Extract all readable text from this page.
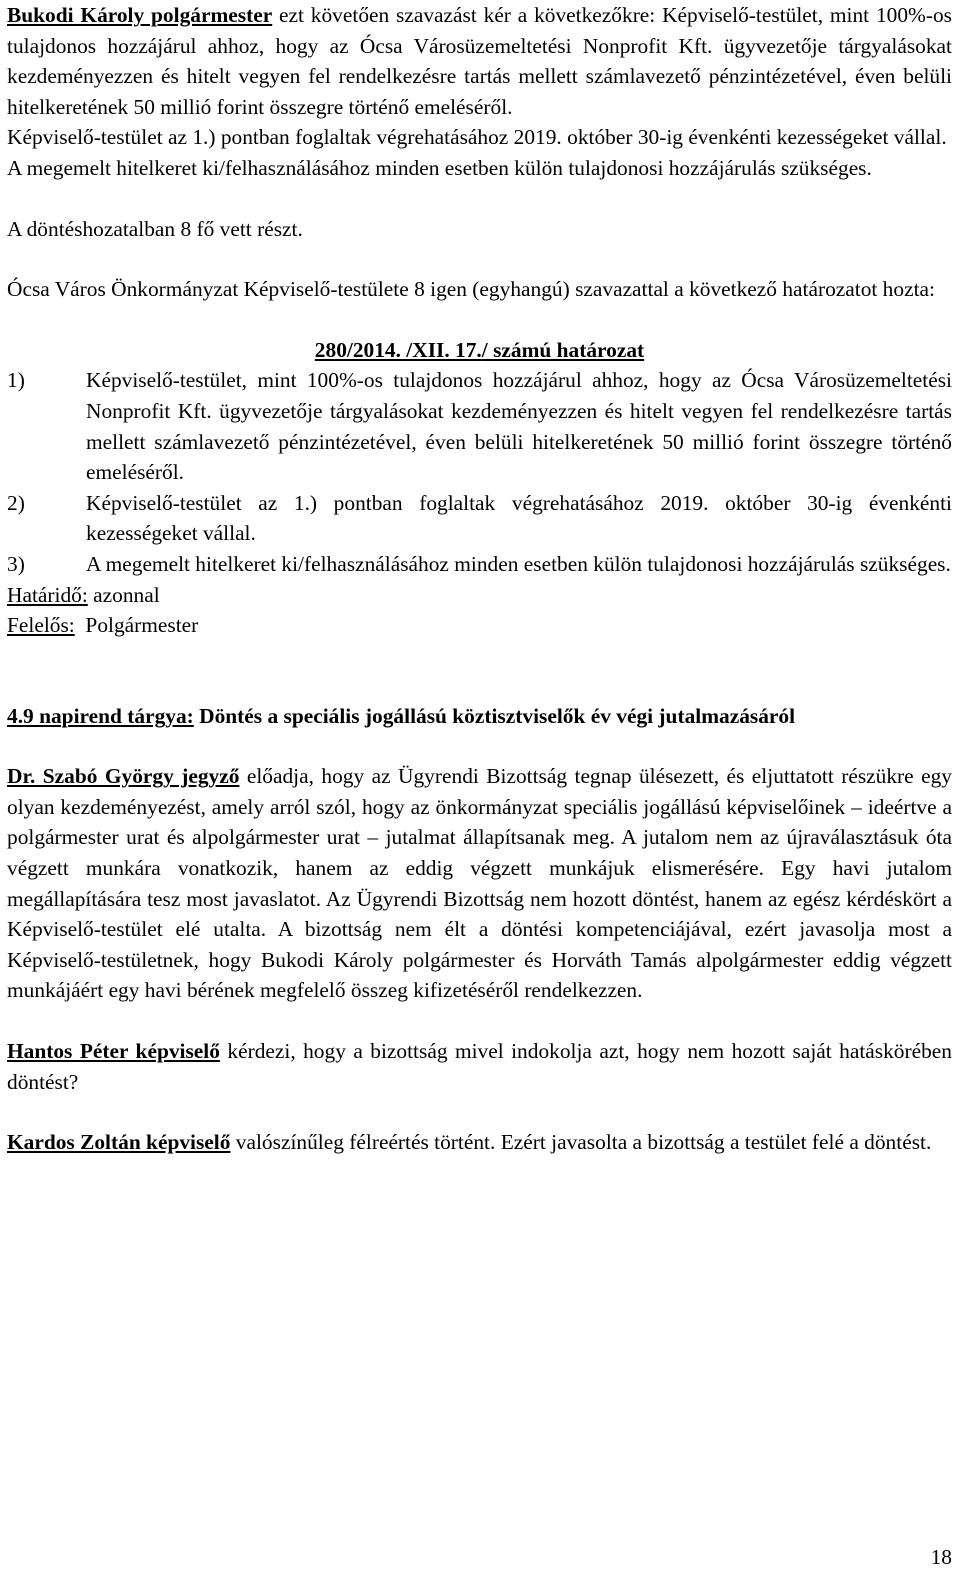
Bukodi Károly polgármester ezt követően szavazást kér a következőkre: Képviselő-testület, mint 100%-os tulajdonos hozzájárul ahhoz, hogy az Ócsa Városüzemeltetési Nonprofit Kft. ügyvezetője tárgyalásokat kezdeményezzen és hitelt vegyen fel rendelkezésre tartás mellett számlavezető pénzintézetével, éven belüli hitelkeretének 50 millió forint összegre történő emeléséről.

Képviselő-testület az 1.) pontban foglaltak végrehatásához 2019. október 30-ig évenkénti kezességeket vállal.

A megemelt hitelkeret ki/felhasználásához minden esetben külön tulajdonosi hozzájárulás szükséges.

A döntéshozatalban 8 fő vett részt.

Ócsa Város Önkormányzat Képviselő-testülete 8 igen (egyhangú) szavazattal a következő határozatot hozta:

280/2014. /XII. 17./ számú határozat

1)	Képviselő-testület, mint 100%-os tulajdonos hozzájárul ahhoz, hogy az Ócsa Városüzemeltetési Nonprofit Kft. ügyvezetője tárgyalásokat kezdeményezzen és hitelt vegyen fel rendelkezésre tartás mellett számlavezető pénzintézetével, éven belüli hitelkeretének 50 millió forint összegre történő emeléséről.
2)	Képviselő-testület az 1.) pontban foglaltak végrehatásához 2019. október 30-ig évenkénti kezességeket vállal.
3)	A megemelt hitelkeret ki/felhasználásához minden esetben külön tulajdonosi hozzájárulás szükséges.

Határidő: azonnal

Felelős:  Polgármester

4.9 napirend tárgya: Döntés a speciális jogállású köztisztviselők év végi jutalmazásáról

Dr. Szabó György jegyző előadja, hogy az Ügyrendi Bizottság tegnap ülésezett, és eljuttatott részükre egy olyan kezdeményezést, amely arról szól, hogy az önkormányzat speciális jogállású képviselőinek – ideértve a polgármester urat és alpolgármester urat – jutalmat állapítsanak meg. A jutalom nem az újraválasztásuk óta végzett munkára vonatkozik, hanem az eddig végzett munkájuk elismerésére. Egy havi jutalom megállapítására tesz most javaslatot. Az Ügyrendi Bizottság nem hozott döntést, hanem az egész kérdéskört a Képviselő-testület elé utalta. A bizottság nem élt a döntési kompetenciájával, ezért javasolja most a Képviselő-testületnek, hogy Bukodi Károly polgármester és Horváth Tamás alpolgármester eddig végzett munkájáért egy havi bérének megfelelő összeg kifizetéséről rendelkezzen.

Hantos Péter képviselő kérdezi, hogy a bizottság mivel indokolja azt, hogy nem hozott saját hatáskörében döntést?

Kardos Zoltán képviselő valószínűleg félreértés történt. Ezért javasolta a bizottság a testület felé a döntést.

18
